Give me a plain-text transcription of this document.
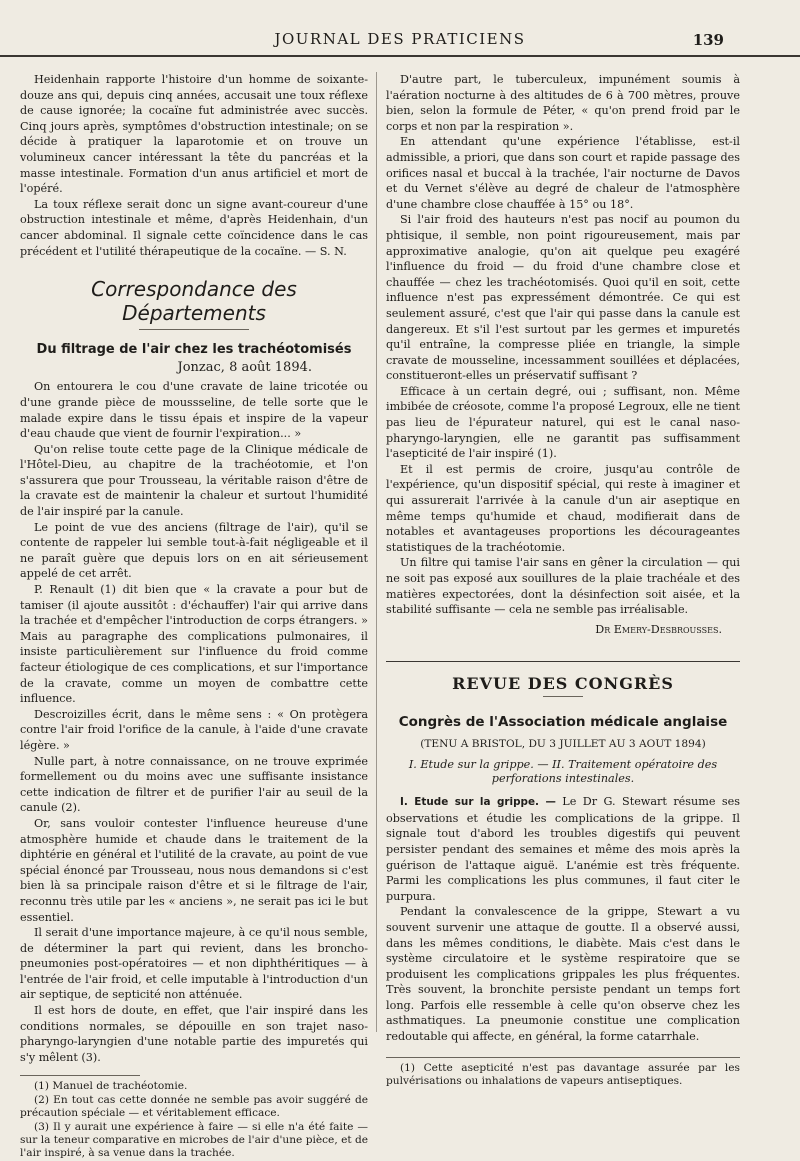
JOURNAL DES PRATICIENS	139

Heidenhain rapporte l'histoire d'un homme de soixante-douze ans qui, depuis cinq années, accusait une toux réflexe de cause ignorée; la cocaïne fut administrée avec succès. Cinq jours après, symptômes d'obstruction intestinale; on se décide à pratiquer la laparotomie et on trouve un volumineux cancer intéressant la tête du pancréas et la masse intestinale. Formation d'un anus artificiel et mort de l'opéré.

La toux réflexe serait donc un signe avant-coureur d'une obstruction intestinale et même, d'après Heidenhain, d'un cancer abdominal. Il signale cette coïncidence dans le cas précédent et l'utilité thérapeutique de la cocaïne. — S. N.

Correspondance des Départements
Du filtrage de l'air chez les trachéotomisés
Jonzac, 8 août 1894.

On entourera le cou d'une cravate de laine tricotée ou d'une grande pièce de moussseline, de telle sorte que le malade expire dans le tissu épais et inspire de la vapeur d'eau chaude que vient de fournir l'expiration... »

Qu'on relise toute cette page de la Clinique médicale de l'Hôtel-Dieu, au chapitre de la trachéotomie, et l'on s'assurera que pour Trousseau, la véritable raison d'être de la cravate est de maintenir la chaleur et surtout l'humidité de l'air inspiré par la canule.

Le point de vue des anciens (filtrage de l'air), qu'il se contente de rappeler lui semble tout-à-fait négligeable et il ne paraît guère que depuis lors on en ait sérieusement appelé de cet arrêt.

P. Renault (1) dit bien que « la cravate a pour but de tamiser (il ajoute aussitôt : d'échauffer) l'air qui arrive dans la trachée et d'empêcher l'introduction de corps étrangers. » Mais au paragraphe des complications pulmonaires, il insiste particulièrement sur l'influence du froid comme facteur étiologique de ces complications, et sur l'importance de la cravate, comme un moyen de combattre cette influence.

Descroizilles écrit, dans le même sens : « On protègera contre l'air froid l'orifice de la canule, à l'aide d'une cravate légère. »

Nulle part, à notre connaissance, on ne trouve exprimée formellement ou du moins avec une suffisante insistance cette indication de filtrer et de purifier l'air au seuil de la canule (2).

Or, sans vouloir contester l'influence heureuse d'une atmosphère humide et chaude dans le traitement de la diphtérie en général et l'utilité de la cravate, au point de vue spécial énoncé par Trousseau, nous nous demandons si c'est bien là sa principale raison d'être et si le filtrage de l'air, reconnu très utile par les « anciens », ne serait pas ici le but essentiel.

Il serait d'une importance majeure, à ce qu'il nous semble, de déterminer la part qui revient, dans les broncho-pneumonies post-opératoires — et non diphthéritiques — à l'entrée de l'air froid, et celle imputable à l'introduction d'un air septique, de septicité non atténuée.

Il est hors de doute, en effet, que l'air inspiré dans les conditions normales, se dépouille en son trajet naso-pharyngo-laryngien d'une notable partie des impuretés qui s'y mêlent (3).

(1) Manuel de trachéotomie.

(2) En tout cas cette donnée ne semble pas avoir suggéré de précaution spéciale — et véritablement efficace.

(3) Il y aurait une expérience à faire — si elle n'a été faite — sur la teneur comparative en microbes de l'air d'une pièce, et de l'air inspiré, à sa venue dans la trachée.

D'autre part, le tuberculeux, impunément soumis à l'aération nocturne à des altitudes de 6 à 700 mètres, prouve bien, selon la formule de Péter, « qu'on prend froid par le corps et non par la respiration ».

En attendant qu'une expérience l'établisse, est-il admissible, a priori, que dans son court et rapide passage des orifices nasal et buccal à la trachée, l'air nocturne de Davos et du Vernet s'élève au degré de chaleur de l'atmosphère d'une chambre close chauffée à 15° ou 18°.

Si l'air froid des hauteurs n'est pas nocif au poumon du phtisique, il semble, non point rigoureusement, mais par approximative analogie, qu'on ait quelque peu exagéré l'influence du froid — du froid d'une chambre close et chauffée — chez les trachéotomisés. Quoi qu'il en soit, cette influence n'est pas expressément démontrée. Ce qui est seulement assuré, c'est que l'air qui passe dans la canule est dangereux. Et s'il l'est surtout par les germes et impuretés qu'il entraîne, la compresse pliée en triangle, la simple cravate de mousseline, incessamment souillées et déplacées, constitueront-elles un préservatif suffisant ?

Efficace à un certain degré, oui ; suffisant, non. Même imbibée de créosote, comme l'a proposé Legroux, elle ne tient pas lieu de l'épurateur naturel, qui est le canal naso-pharyngo-laryngien, elle ne garantit pas suffisamment l'asepticité de l'air inspiré (1).

Et il est permis de croire, jusqu'au contrôle de l'expérience, qu'un dispositif spécial, qui reste à imaginer et qui assurerait l'arrivée à la canule d'un air aseptique en même temps qu'humide et chaud, modifierait dans de notables et avantageuses proportions les décourageantes statistiques de la trachéotomie.

Un filtre qui tamise l'air sans en gêner la circulation — qui ne soit pas exposé aux souillures de la plaie trachéale et des matières expectorées, dont la désinfection soit aisée, et la stabilité suffisante — cela ne semble pas irréalisable.

Dr Emery-Desbrousses.
REVUE DES CONGRÈS
Congrès de l'Association médicale anglaise
(TENU A BRISTOL, DU 3 JUILLET AU 3 AOUT 1894)
I. Etude sur la grippe. — II. Traitement opératoire des perforations intestinales.

I. Etude sur la grippe. — Le Dr G. Stewart résume ses observations et étudie les complications de la grippe. Il signale tout d'abord les troubles digestifs qui peuvent persister pendant des semaines et même des mois après la guérison de l'attaque aiguë. L'anémie est très fréquente. Parmi les complications les plus communes, il faut citer le purpura.

Pendant la convalescence de la grippe, Stewart a vu souvent survenir une attaque de goutte. Il a observé aussi, dans les mêmes conditions, le diabète. Mais c'est dans le système circulatoire et le système respiratoire que se produisent les complications grippales les plus fréquentes. Très souvent, la bronchite persiste pendant un temps fort long. Parfois elle ressemble à celle qu'on observe chez les asthmatiques. La pneumonie constitue une complication redoutable qui affecte, en général, la forme catarrhale.

(1) Cette asepticité n'est pas davantage assurée par les pulvérisations ou inhalations de vapeurs antiseptiques.
